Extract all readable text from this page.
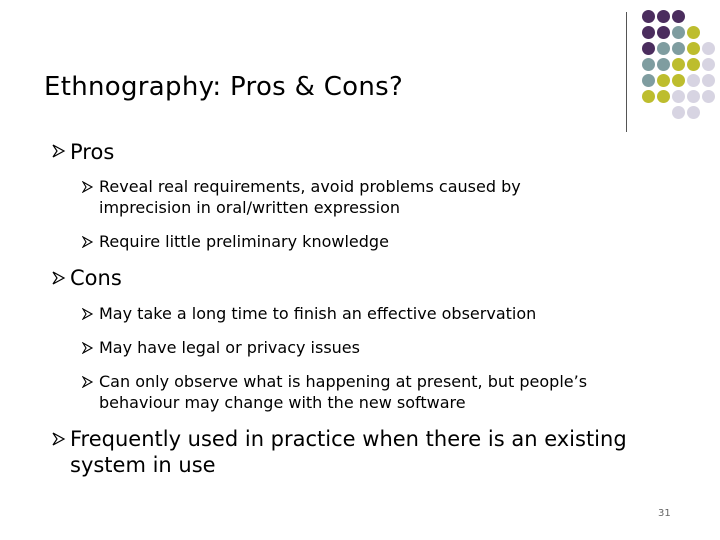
Ethnography: Pros & Cons?
Pros
Reveal real requirements, avoid problems caused by
imprecision in oral/written expression
Require little preliminary knowledge
Cons
May take a long time to finish an effective observation
May have legal or privacy issues
Can only observe what is happening at present, but people’s
behaviour may change with the new software
Frequently used in practice when there is an existing
system in use
31
